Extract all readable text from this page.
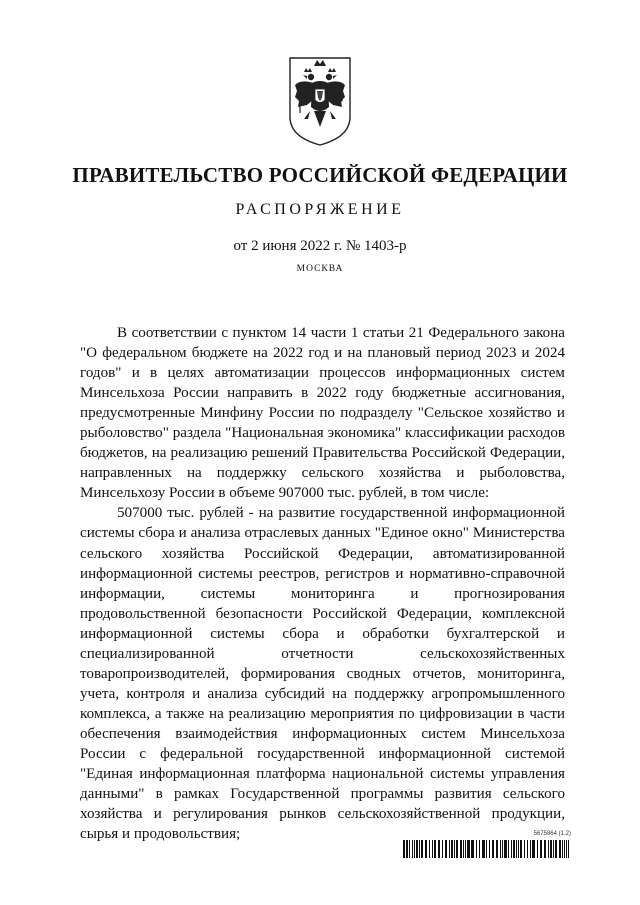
ПРАВИТЕЛЬСТВО РОССИЙСКОЙ ФЕДЕРАЦИИ
РАСПОРЯЖЕНИЕ
от 2 июня 2022 г. № 1403-р
МОСКВА

В соответствии с пунктом 14 части 1 статьи 21 Федерального закона "О федеральном бюджете на 2022 год и на плановый период 2023 и 2024 годов" и в целях автоматизации процессов информационных систем Минсельхоза России направить в 2022 году бюджетные ассигнования, предусмотренные Минфину России по подразделу "Сельское хозяйство и рыболовство" раздела "Национальная экономика" классификации расходов бюджетов, на реализацию решений Правительства Российской Федерации, направленных на поддержку сельского хозяйства и рыболовства, Минсельхозу России в объеме 907000 тыс. рублей, в том числе:

507000 тыс. рублей - на развитие государственной информационной системы сбора и анализа отраслевых данных "Единое окно" Министерства сельского хозяйства Российской Федерации, автоматизированной информационной системы реестров, регистров и нормативно-справочной информации, системы мониторинга и прогнозирования продовольственной безопасности Российской Федерации, комплексной информационной системы сбора и обработки бухгалтерской и специализированной отчетности сельскохозяйственных товаропроизводителей, формирования сводных отчетов, мониторинга, учета, контроля и анализа субсидий на поддержку агропромышленного комплекса, а также на реализацию мероприятия по цифровизации в части обеспечения взаимодействия информационных систем Минсельхоза России с федеральной государственной информационной системой "Единая информационная платформа национальной системы управления данными" в рамках Государственной программы развития сельского хозяйства и регулирования рынков сельскохозяйственной продукции, сырья и продовольствия;	5675864 (1.2)
